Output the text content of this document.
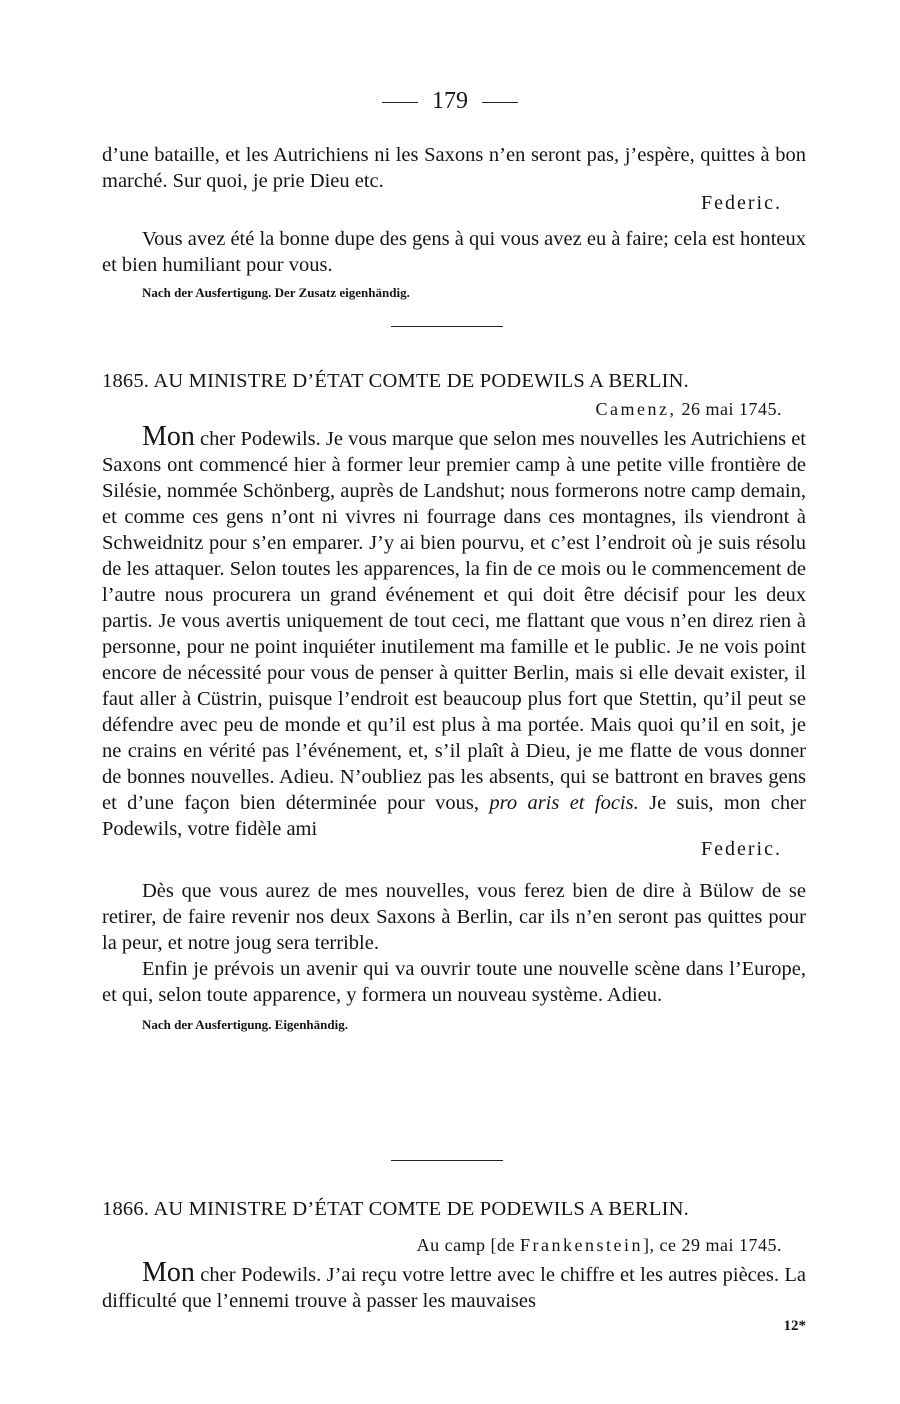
179

d’une bataille, et les Autrichiens ni les Saxons n’en seront pas, j’espère, quittes à bon marché. Sur quoi, je prie Dieu etc.

Federic.

Vous avez été la bonne dupe des gens à qui vous avez eu à faire; cela est honteux et bien humiliant pour vous.

Nach der Ausfertigung. Der Zusatz eigenhändig.
1865. AU MINISTRE D’ÉTAT COMTE DE PODEWILS A BERLIN.
Camenz, 26 mai 1745.

Mon cher Podewils. Je vous marque que selon mes nouvelles les Autrichiens et Saxons ont commencé hier à former leur premier camp à une petite ville frontière de Silésie, nommée Schönberg, auprès de Landshut; nous formerons notre camp demain, et comme ces gens n’ont ni vivres ni fourrage dans ces montagnes, ils viendront à Schweidnitz pour s’en emparer. J’y ai bien pourvu, et c’est l’endroit où je suis résolu de les attaquer. Selon toutes les apparences, la fin de ce mois ou le commencement de l’autre nous procurera un grand événement et qui doit être décisif pour les deux partis. Je vous avertis uniquement de tout ceci, me flattant que vous n’en direz rien à personne, pour ne point inquiéter inutilement ma famille et le public. Je ne vois point encore de nécessité pour vous de penser à quitter Berlin, mais si elle devait exister, il faut aller à Cüstrin, puisque l’endroit est beaucoup plus fort que Stettin, qu’il peut se défendre avec peu de monde et qu’il est plus à ma portée. Mais quoi qu’il en soit, je ne crains en vérité pas l’événement, et, s’il plaît à Dieu, je me flatte de vous donner de bonnes nouvelles. Adieu. N’oubliez pas les absents, qui se battront en braves gens et d’une façon bien déterminée pour vous, pro aris et focis. Je suis, mon cher Podewils, votre fidèle ami

Federic.

Dès que vous aurez de mes nouvelles, vous ferez bien de dire à Bülow de se retirer, de faire revenir nos deux Saxons à Berlin, car ils n’en seront pas quittes pour la peur, et notre joug sera terrible.

Enfin je prévois un avenir qui va ouvrir toute une nouvelle scène dans l’Europe, et qui, selon toute apparence, y formera un nouveau système. Adieu.

Nach der Ausfertigung. Eigenhändig.
1866. AU MINISTRE D’ÉTAT COMTE DE PODEWILS A BERLIN.
Au camp [de Frankenstein], ce 29 mai 1745.

Mon cher Podewils. J’ai reçu votre lettre avec le chiffre et les autres pièces. La difficulté que l’ennemi trouve à passer les mauvaises

12*
